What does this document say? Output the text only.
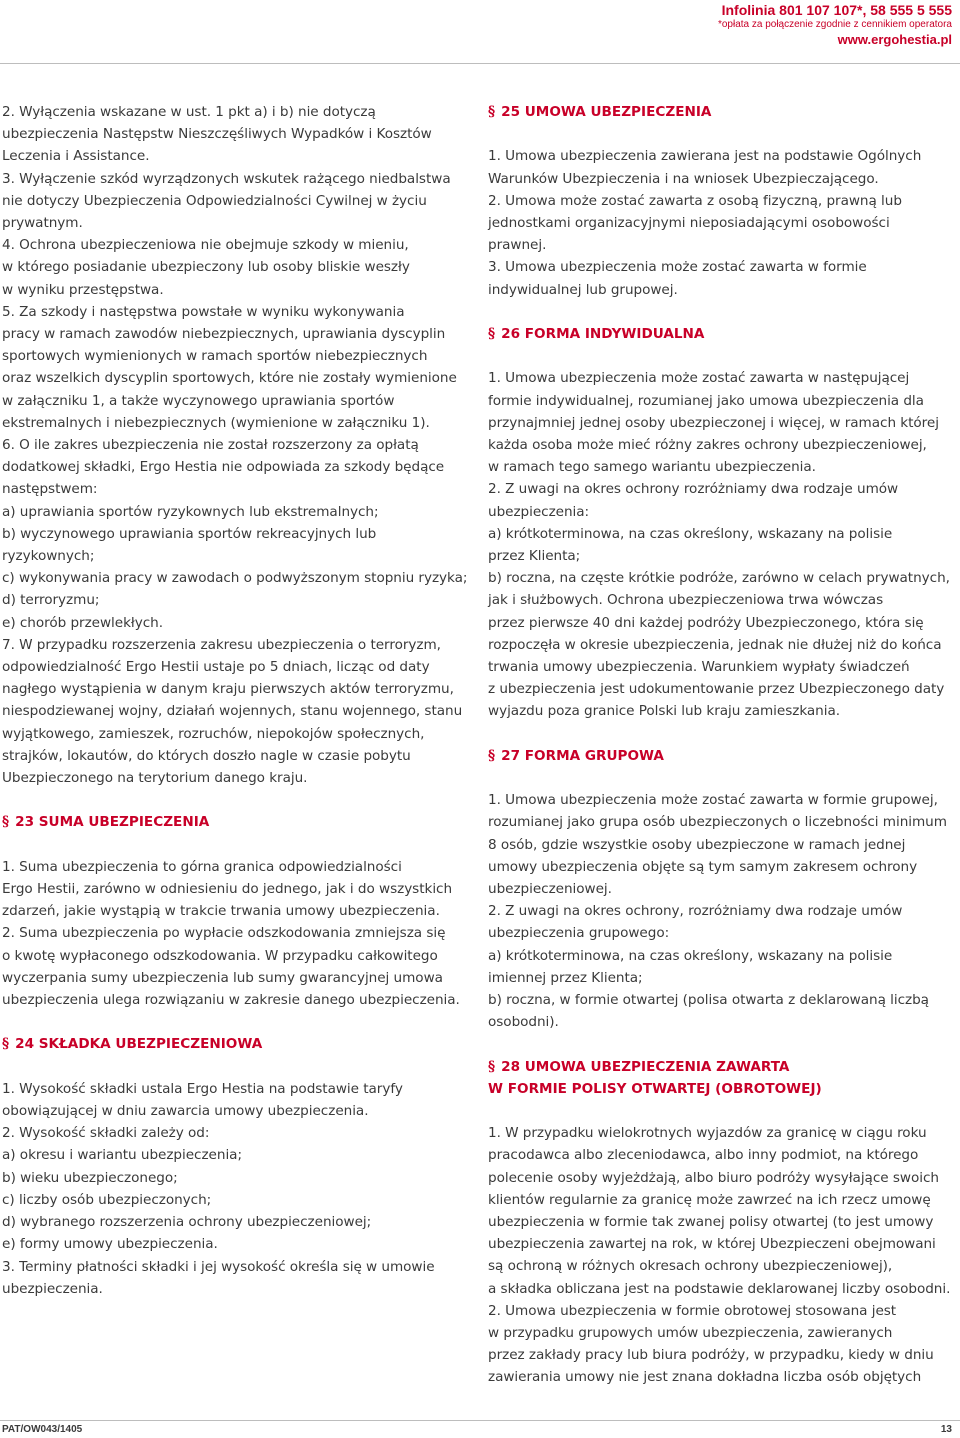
Infolinia 801 107 107*, 58 555 5 555
*opłata za połączenie zgodnie z cennikiem operatora
www.ergohestia.pl
2. Wyłączenia wskazane w ust. 1 pkt a) i b) nie dotyczą
ubezpieczenia Następstw Nieszczęśliwych Wypadków i Kosztów
Leczenia i Assistance.
3. Wyłączenie szkód wyrządzonych wskutek rażącego niedbalstwa
nie dotyczy Ubezpieczenia Odpowiedzialności Cywilnej w życiu
prywatnym.
4. Ochrona ubezpieczeniowa nie obejmuje szkody w mieniu,
w którego posiadanie ubezpieczony lub osoby bliskie weszły
w wyniku przestępstwa.
5. Za szkody i następstwa powstałe w wyniku wykonywania
pracy w ramach zawodów niebezpiecznych, uprawiania dyscyplin
sportowych wymienionych w ramach sportów niebezpiecznych
oraz wszelkich dyscyplin sportowych, które nie zostały wymienione
w załączniku 1, a także wyczynowego uprawiania sportów
ekstremalnych i niebezpiecznych (wymienione w załączniku 1).
6. O ile zakres ubezpieczenia nie został rozszerzony za opłatą
dodatkowej składki, Ergo Hestia nie odpowiada za szkody będące
następstwem:
a) uprawiania sportów ryzykownych lub ekstremalnych;
b) wyczynowego uprawiania sportów rekreacyjnych lub
ryzykownych;
c) wykonywania pracy w zawodach o podwyższonym stopniu ryzyka;
d) terroryzmu;
e) chorób przewlekłych.
7. W przypadku rozszerzenia zakresu ubezpieczenia o terroryzm,
odpowiedzialność Ergo Hestii ustaje po 5 dniach, licząc od daty
nagłego wystąpienia w danym kraju pierwszych aktów terroryzmu,
niespodziewanej wojny, działań wojennych, stanu wojennego, stanu
wyjątkowego, zamieszek, rozruchów, niepokojów społecznych,
strajków, lokautów, do których doszło nagle w czasie pobytu
Ubezpieczonego na terytorium danego kraju.
§ 23 SUMA UBEZPIECZENIA
1. Suma ubezpieczenia to górna granica odpowiedzialności
Ergo Hestii, zarówno w odniesieniu do jednego, jak i do wszystkich
zdarzeń, jakie wystąpią w trakcie trwania umowy ubezpieczenia.
2. Suma ubezpieczenia po wypłacie odszkodowania zmniejsza się
o kwotę wypłaconego odszkodowania. W przypadku całkowitego
wyczerpania sumy ubezpieczenia lub sumy gwarancyjnej umowa
ubezpieczenia ulega rozwiązaniu w zakresie danego ubezpieczenia.
§ 24 SKŁADKA UBEZPIECZENIOWA
1. Wysokość składki ustala Ergo Hestia na podstawie taryfy
obowiązującej w dniu zawarcia umowy ubezpieczenia.
2. Wysokość składki zależy od:
a) okresu i wariantu ubezpieczenia;
b) wieku ubezpieczonego;
c) liczby osób ubezpieczonych;
d) wybranego rozszerzenia ochrony ubezpieczeniowej;
e) formy umowy ubezpieczenia.
3. Terminy płatności składki i jej wysokość określa się w umowie
ubezpieczenia.
§ 25 UMOWA UBEZPIECZENIA
1. Umowa ubezpieczenia zawierana jest na podstawie Ogólnych
Warunków Ubezpieczenia i na wniosek Ubezpieczającego.
2. Umowa może zostać zawarta z osobą fizyczną, prawną lub
jednostkami organizacyjnymi nieposiadającymi osobowości
prawnej.
3. Umowa ubezpieczenia może zostać zawarta w formie
indywidualnej lub grupowej.
§ 26 FORMA INDYWIDUALNA
1. Umowa ubezpieczenia może zostać zawarta w następującej
formie indywidualnej, rozumianej jako umowa ubezpieczenia dla
przynajmniej jednej osoby ubezpieczonej i więcej, w ramach której
każda osoba może mieć różny zakres ochrony ubezpieczeniowej,
w ramach tego samego wariantu ubezpieczenia.
2. Z uwagi na okres ochrony rozróżniamy dwa rodzaje umów
ubezpieczenia:
a) krótkoterminowa, na czas określony, wskazany na polisie
przez Klienta;
b) roczna, na częste krótkie podróże, zarówno w celach prywatnych,
jak i służbowych. Ochrona ubezpieczeniowa trwa wówczas
przez pierwsze 40 dni każdej podróży Ubezpieczonego, która się
rozpoczęła w okresie ubezpieczenia, jednak nie dłużej niż do końca
trwania umowy ubezpieczenia. Warunkiem wypłaty świadczeń
z ubezpieczenia jest udokumentowanie przez Ubezpieczonego daty
wyjazdu poza granice Polski lub kraju zamieszkania.
§ 27 FORMA GRUPOWA
1. Umowa ubezpieczenia może zostać zawarta w formie grupowej,
rozumianej jako grupa osób ubezpieczonych o liczebności minimum
8 osób, gdzie wszystkie osoby ubezpieczone w ramach jednej
umowy ubezpieczenia objęte są tym samym zakresem ochrony
ubezpieczeniowej.
2. Z uwagi na okres ochrony, rozróżniamy dwa rodzaje umów
ubezpieczenia grupowego:
a) krótkoterminowa, na czas określony, wskazany na polisie
imiennej przez Klienta;
b) roczna, w formie otwartej (polisa otwarta z deklarowaną liczbą
osobodni).
§ 28 UMOWA UBEZPIECZENIA ZAWARTA
W FORMIE POLISY OTWARTEJ (OBROTOWEJ)
1. W przypadku wielokrotnych wyjazdów za granicę w ciągu roku
pracodawca albo zleceniodawca, albo inny podmiot, na którego
polecenie osoby wyjeżdżają, albo biuro podróży wysyłające swoich
klientów regularnie za granicę może zawrzeć na ich rzecz umowę
ubezpieczenia w formie tak zwanej polisy otwartej (to jest umowy
ubezpieczenia zawartej na rok, w której Ubezpieczeni obejmowani
są ochroną w różnych okresach ochrony ubezpieczeniowej),
a składka obliczana jest na podstawie deklarowanej liczby osobodni.
2. Umowa ubezpieczenia w formie obrotowej stosowana jest
w przypadku grupowych umów ubezpieczenia, zawieranych
przez zakłady pracy lub biura podróży, w przypadku, kiedy w dniu
zawierania umowy nie jest znana dokładna liczba osób objętych
PAT/OW043/1405	13
